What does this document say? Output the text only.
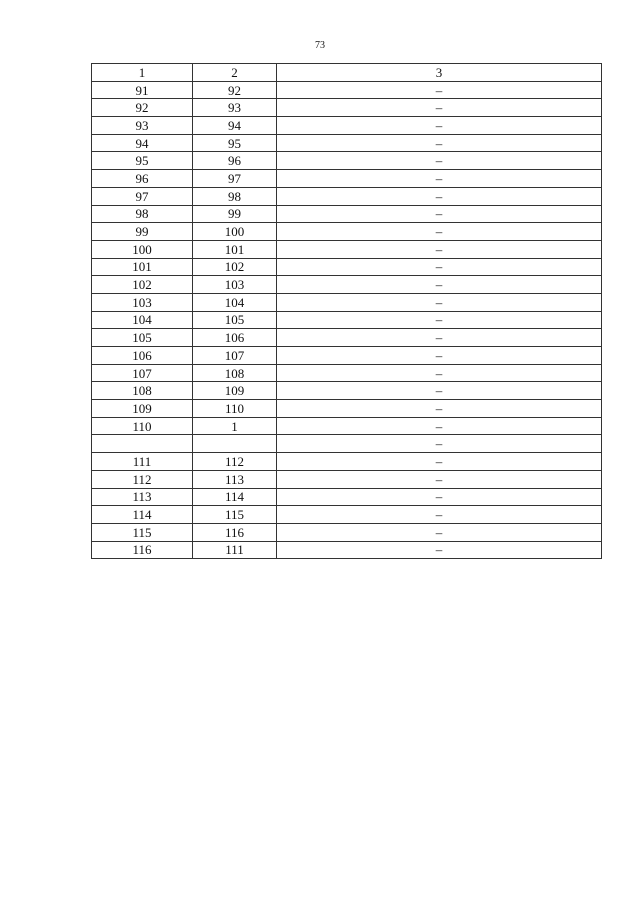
73
1	2	3
91	92	–
92	93	–
93	94	–
94	95	–
95	96	–
96	97	–
97	98	–
98	99	–
99	100	–
100	101	–
101	102	–
102	103	–
103	104	–
104	105	–
105	106	–
106	107	–
107	108	–
108	109	–
109	110	–
110	1	–
		–
111	112	–
112	113	–
113	114	–
114	115	–
115	116	–
116	111	–
